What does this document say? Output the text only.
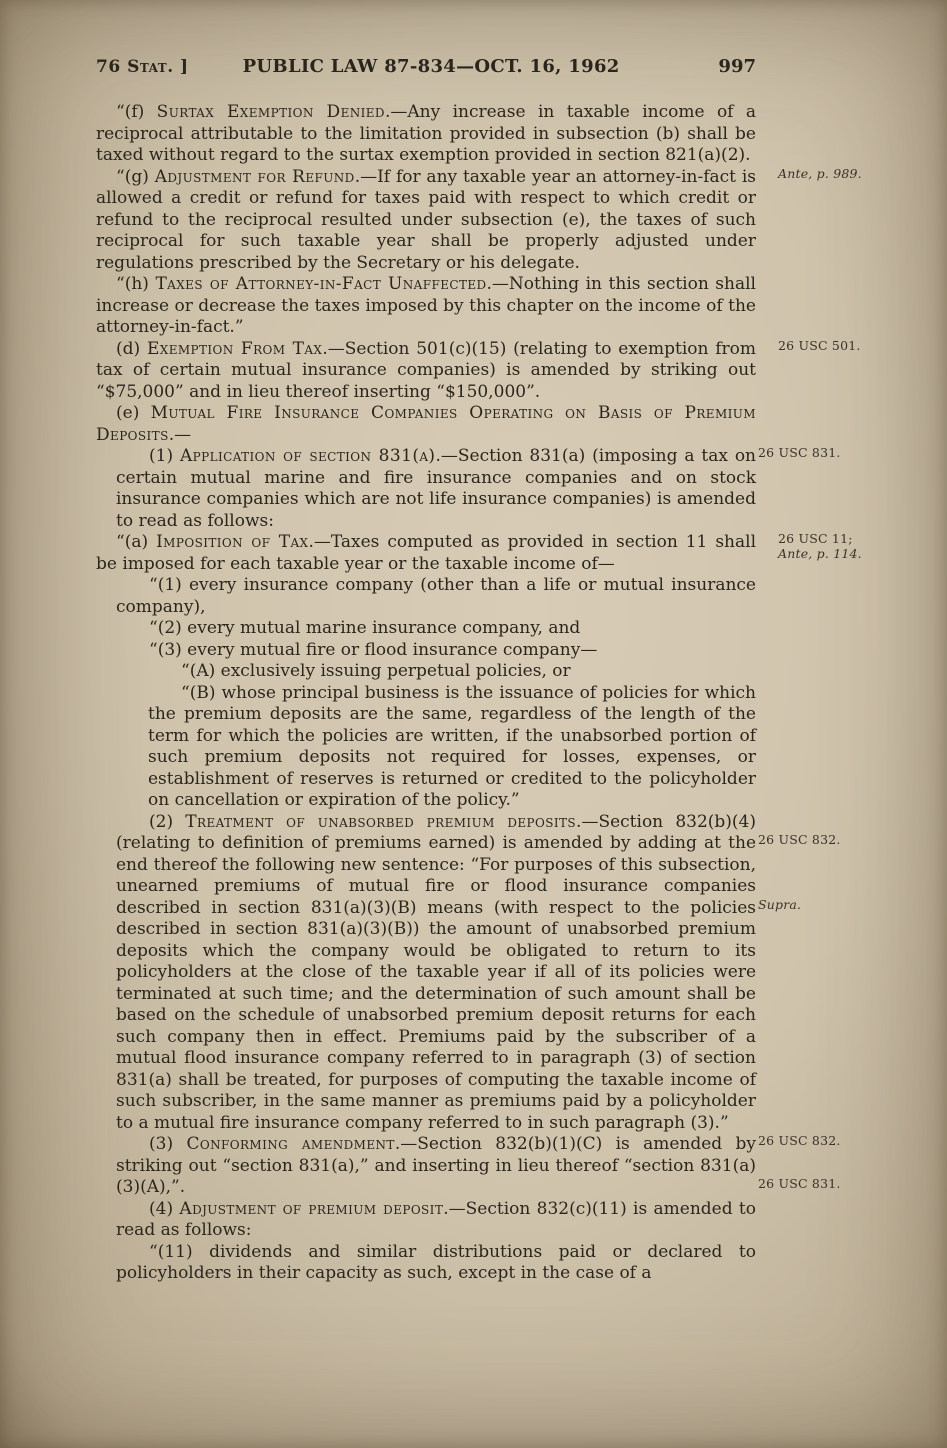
76 Stat. ]	PUBLIC LAW 87-834—OCT. 16, 1962	997

“(f) Surtax Exemption Denied.—Any increase in taxable income of a reciprocal attributable to the limitation provided in subsection (b) shall be taxed without regard to the surtax exemption provided in section 821(a)(2).
Ante, p. 989.

“(g) Adjustment for Refund.—If for any taxable year an attorney-in-fact is allowed a credit or refund for taxes paid with respect to which credit or refund to the reciprocal resulted under subsection (e), the taxes of such reciprocal for such taxable year shall be properly adjusted under regulations prescribed by the Secretary or his delegate.

“(h) Taxes of Attorney-in-Fact Unaffected.—Nothing in this section shall increase or decrease the taxes imposed by this chapter on the income of the attorney-in-fact.”

(d) Exemption From Tax.—Section 501(c)(15) (relating to exemption from tax of certain mutual insurance companies) is amended by striking out “$75,000” and in lieu thereof inserting “$150,000”.
26 USC 501.

(e) Mutual Fire Insurance Companies Operating on Basis of Premium Deposits.—

(1) Application of section 831(a).—Section 831(a) (imposing a tax on certain mutual marine and fire insurance companies and on stock insurance companies which are not life insurance companies) is amended to read as follows:
26 USC 831.

“(a) Imposition of Tax.—Taxes computed as provided in section 11 shall be imposed for each taxable year or the taxable income of—
26 USC 11; Ante, p. 114.

“(1) every insurance company (other than a life or mutual insurance company),

“(2) every mutual marine insurance company, and

“(3) every mutual fire or flood insurance company—

“(A) exclusively issuing perpetual policies, or

“(B) whose principal business is the issuance of policies for which the premium deposits are the same, regardless of the length of the term for which the policies are written, if the unabsorbed portion of such premium deposits not required for losses, expenses, or establishment of reserves is returned or credited to the policyholder on cancellation or expiration of the policy.”

(2) Treatment of unabsorbed premium deposits.—Section 832(b)(4) (relating to definition of premiums earned) is amended by adding at the end thereof the following new sentence: “For purposes of this subsection, unearned premiums of mutual fire or flood insurance companies described in section 831(a)(3)(B) means (with respect to the policies described in section 831(a)(3)(B)) the amount of unabsorbed premium deposits which the company would be obligated to return to its policyholders at the close of the taxable year if all of its policies were terminated at such time; and the determination of such amount shall be based on the schedule of unabsorbed premium deposit returns for each such company then in effect. Premiums paid by the subscriber of a mutual flood insurance company referred to in paragraph (3) of section 831(a) shall be treated, for purposes of computing the taxable income of such subscriber, in the same manner as premiums paid by a policyholder to a mutual fire insurance company referred to in such paragraph (3).”
26 USC 832.
Supra.

(3) Conforming amendment.—Section 832(b)(1)(C) is amended by striking out “section 831(a),” and inserting in lieu thereof “section 831(a)(3)(A),”.
26 USC 832.
26 USC 831.

(4) Adjustment of premium deposit.—Section 832(c)(11) is amended to read as follows:

“(11) dividends and similar distributions paid or declared to policyholders in their capacity as such, except in the case of a
